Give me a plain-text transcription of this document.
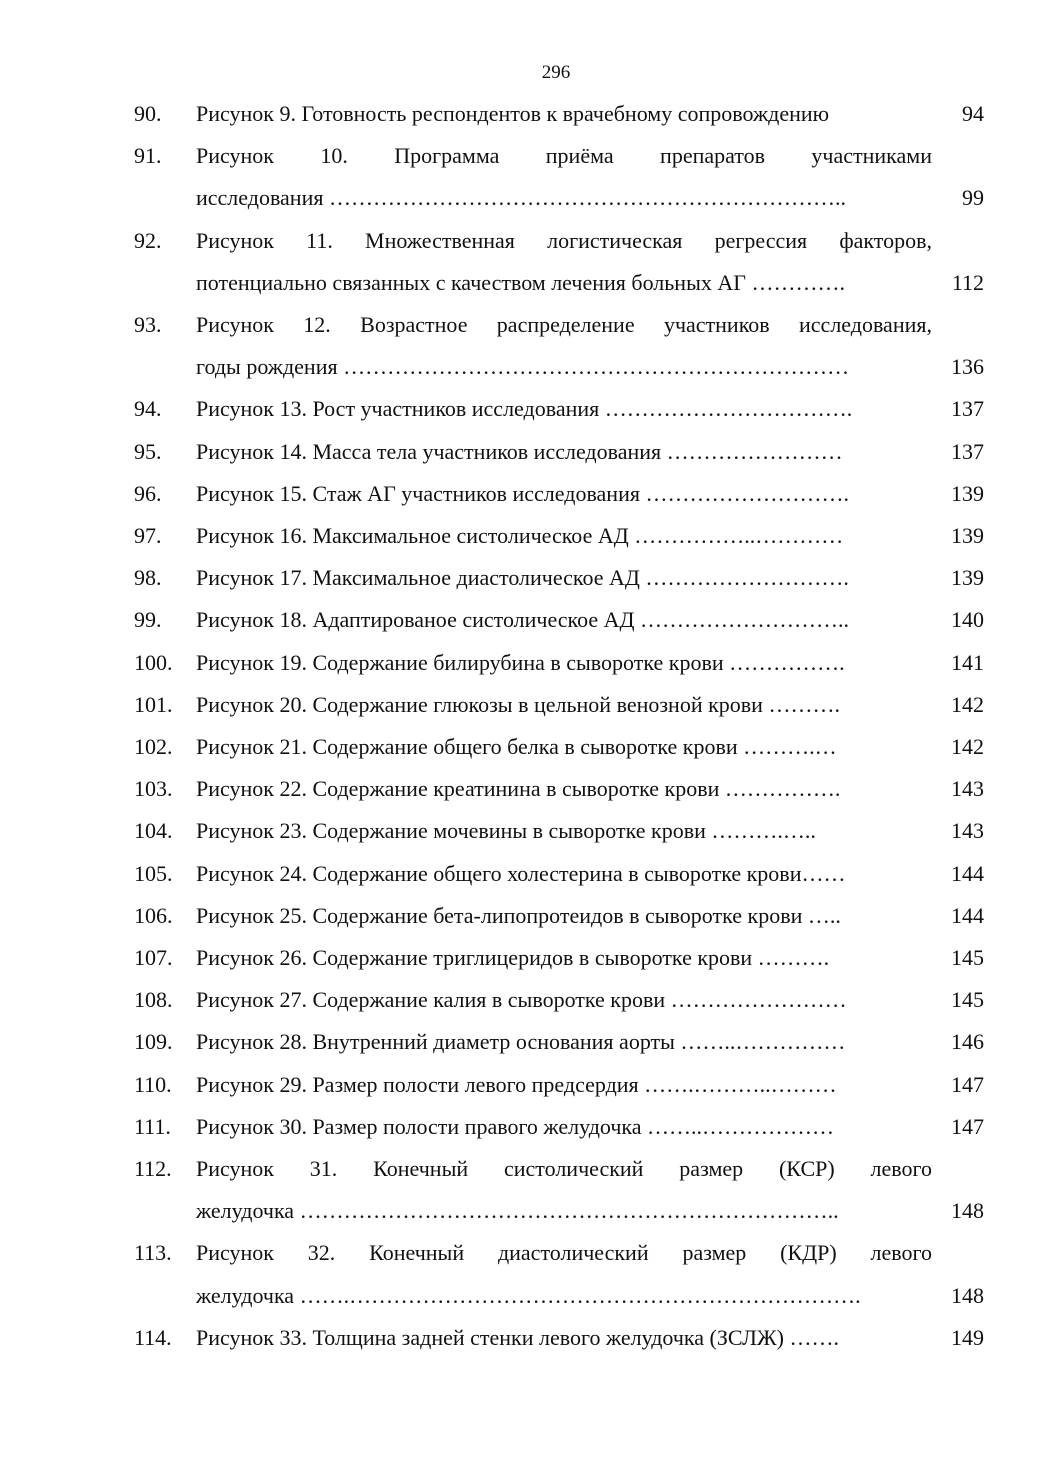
296
90.	Рисунок 9. Готовность респондентов к врачебному сопровождению	94
91.	Рисунок 10. Программа приёма препаратов участниками
исследования ……………………………………………………………..	99
92.	Рисунок 11. Множественная логистическая регрессия факторов,
потенциально связанных с качеством лечения больных АГ ………….	112
93.	Рисунок 12. Возрастное распределение участников исследования,
годы рождения ……………………………………………………………	136
94.	Рисунок 13. Рост участников исследования …………………………….	137
95.	Рисунок 14. Масса тела участников исследования ……………………	137
96.	Рисунок 15. Стаж АГ участников исследования ……………………….	139
97.	Рисунок 16. Максимальное систолическое АД ……………..…………	139
98.	Рисунок 17. Максимальное диастолическое АД ……………………….	139
99.	Рисунок 18. Адаптированое систолическое АД ………………………..	140
100.	Рисунок 19. Содержание билирубина в сыворотке крови …………….	141
101.	Рисунок 20. Содержание глюкозы в цельной венозной крови ……….	142
102.	Рисунок 21. Содержание общего белка в сыворотке крови ……….…	142
103.	Рисунок 22. Содержание креатинина в сыворотке крови …………….	143
104.	Рисунок 23. Содержание мочевины в сыворотке крови ……….…..	143
105.	Рисунок 24. Содержание общего холестерина в сыворотке крови……	144
106.	Рисунок 25. Содержание бета-липопротеидов в сыворотке крови …..	144
107.	Рисунок 26. Содержание триглицеридов в сыворотке крови ……….	145
108.	Рисунок 27. Содержание калия в сыворотке крови ……………………	145
109.	Рисунок 28. Внутренний диаметр основания аорты ……..……………	146
110.	Рисунок 29. Размер полости левого предсердия …….………..………	147
111.	Рисунок 30. Размер полости правого желудочка ……..………………	147
112.	Рисунок 31. Конечный систолический размер (КСР) левого
желудочка ………………………………………………………………..	148
113.	Рисунок 32. Конечный диастолический размер (КДР) левого
желудочка …….…………………………………………………………….	148
114.	Рисунок 33. Толщина задней стенки левого желудочка (ЗСЛЖ) …….	149
